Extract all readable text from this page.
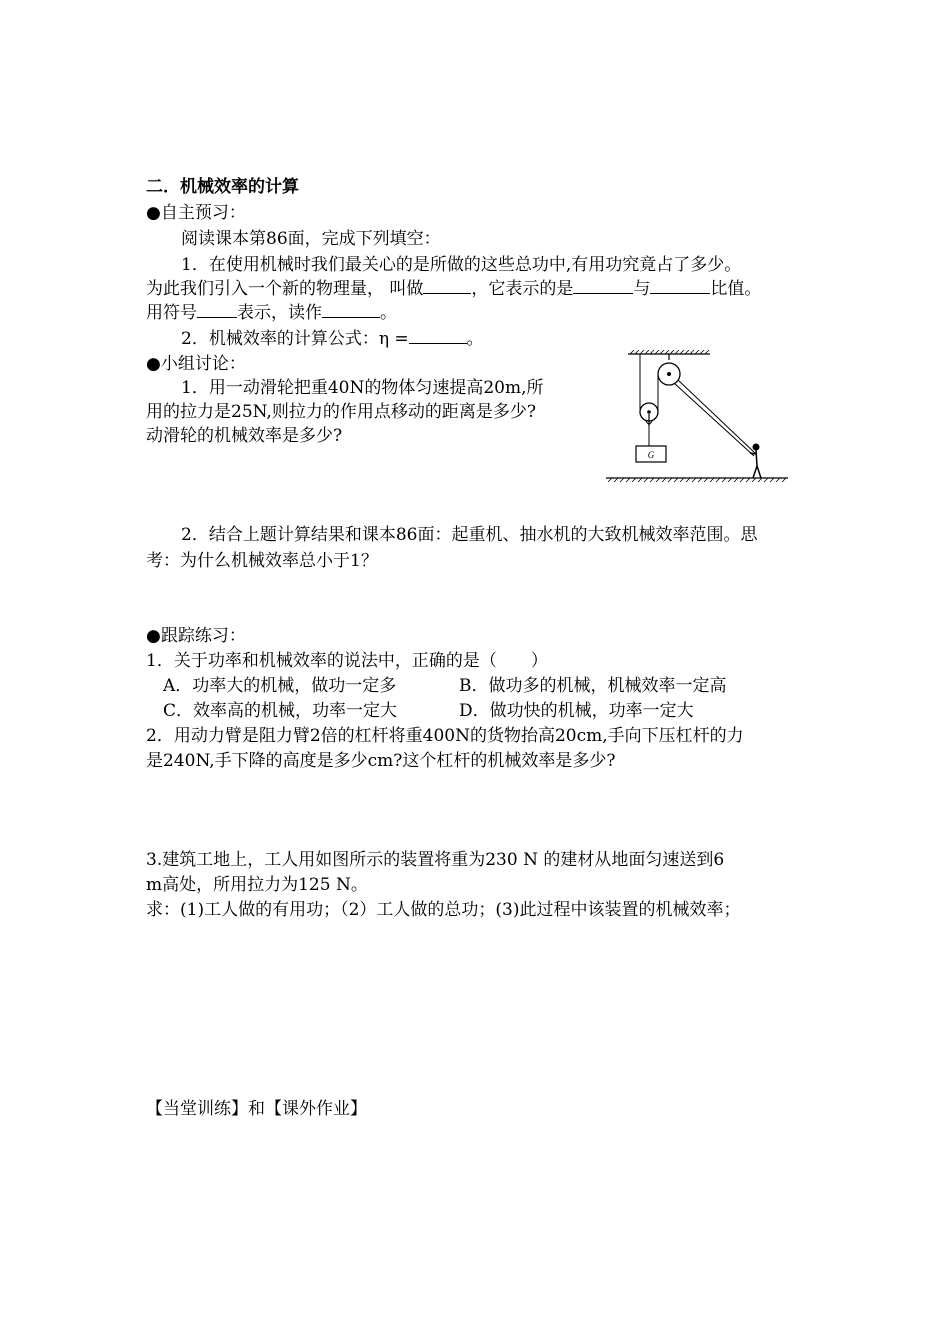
二．机械效率的计算
●自主预习：
阅读课本第86面，完成下列填空：
1．在使用机械时我们最关心的是所做的这些总功中,有用功究竟占了多少。
为此我们引入一个新的物理量， 叫做	，它表示的是	与	比值。
用符号 表示，读作	。
2．机械效率的计算公式：η =	。
●小组讨论：
1．用一动滑轮把重40N的物体匀速提高20m,所
用的拉力是25N,则拉力的作用点移动的距离是多少?
动滑轮的机械效率是多少?
G
2．结合上题计算结果和课本86面：起重机、抽水机的大致机械效率范围。思
考：为什么机械效率总小于1？
●跟踪练习：
1．关于功率和机械效率的说法中，正确的是（　　）
A．功率大的机械，做功一定多	B．做功多的机械，机械效率一定高
C．效率高的机械，功率一定大	D．做功快的机械，功率一定大
2．用动力臂是阻力臂2倍的杠杆将重400N的货物抬高20cm,手向下压杠杆的力
是240N,手下降的高度是多少cm?这个杠杆的机械效率是多少?
3.建筑工地上，工人用如图所示的装置将重为230 N 的建材从地面匀速送到6
m高处，所用拉力为125 N。
求：(1)工人做的有用功；（2）工人做的总功；(3)此过程中该装置的机械效率；
【当堂训练】和【课外作业】
